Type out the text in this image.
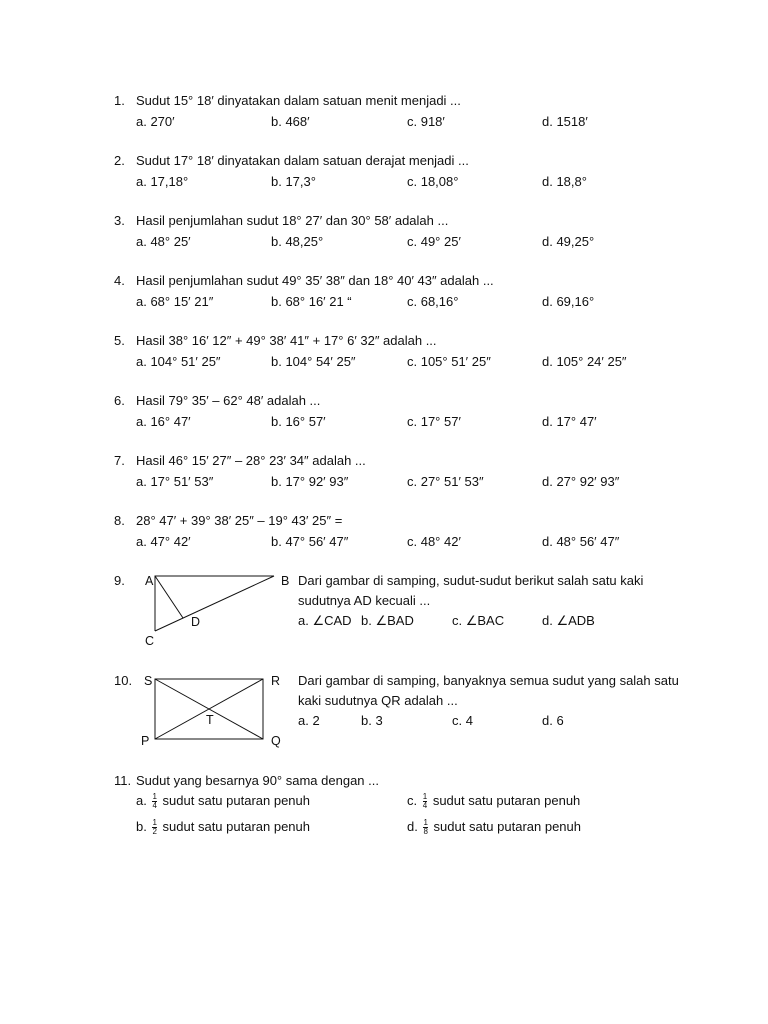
1. Sudut 15° 18′ dinyatakan dalam satuan menit menjadi ...
a. 270′	b. 468′	c. 918′	d. 1518′
2. Sudut 17° 18′ dinyatakan dalam satuan derajat menjadi ...
a. 17,18°	b. 17,3°	c. 18,08°	d. 18,8°
3. Hasil penjumlahan sudut 18° 27′ dan 30° 58′ adalah ...
a. 48° 25′	b. 48,25°	c. 49° 25′	d. 49,25°
4. Hasil penjumlahan sudut 49° 35′ 38″ dan 18° 40′ 43″ adalah ...
a. 68° 15′ 21″	b. 68° 16′ 21 “	c. 68,16°	d. 69,16°
5. Hasil 38° 16′ 12″ + 49° 38′ 41″ + 17° 6′ 32″ adalah ...
a. 104° 51′ 25″	b. 104° 54′ 25″	c. 105° 51′ 25″	d. 105° 24′ 25″
6. Hasil 79° 35′ – 62° 48′ adalah ...
a. 16° 47′	b. 16° 57′	c. 17° 57′	d. 17° 47′
7. Hasil 46° 15′ 27″ – 28° 23′ 34″ adalah ...
a. 17° 51′ 53″	b. 17° 92′ 93″	c. 27° 51′ 53″	d. 27° 92′ 93″
8. 28° 47′ + 39° 38′ 25″ – 19° 43′ 25″ =
a. 47° 42′	b. 47° 56′ 47″	c. 48° 42′	d. 48° 56′ 47″
9. A	B
C
D
Dari gambar di samping, sudut-sudut berikut salah satu kaki
sudutnya AD kecuali ...
a. ∠CAD b. ∠BAD	c. ∠BAC	d. ∠ADB
10. S	R
P	Q
T
Dari gambar di samping, banyaknya semua sudut yang salah satu
kaki sudutnya QR adalah ...
a. 2	b. 3	c. 4	d. 6
11. Sudut yang besarnya 90° sama dengan ...
a. $\frac{1}{4}$ sudut satu putaran penuh
b. $\frac{1}{2}$ sudut satu putaran penuh
c. $\frac{1}{4}$ sudut satu putaran penuh
d. $\frac{1}{8}$ sudut satu putaran penuh
